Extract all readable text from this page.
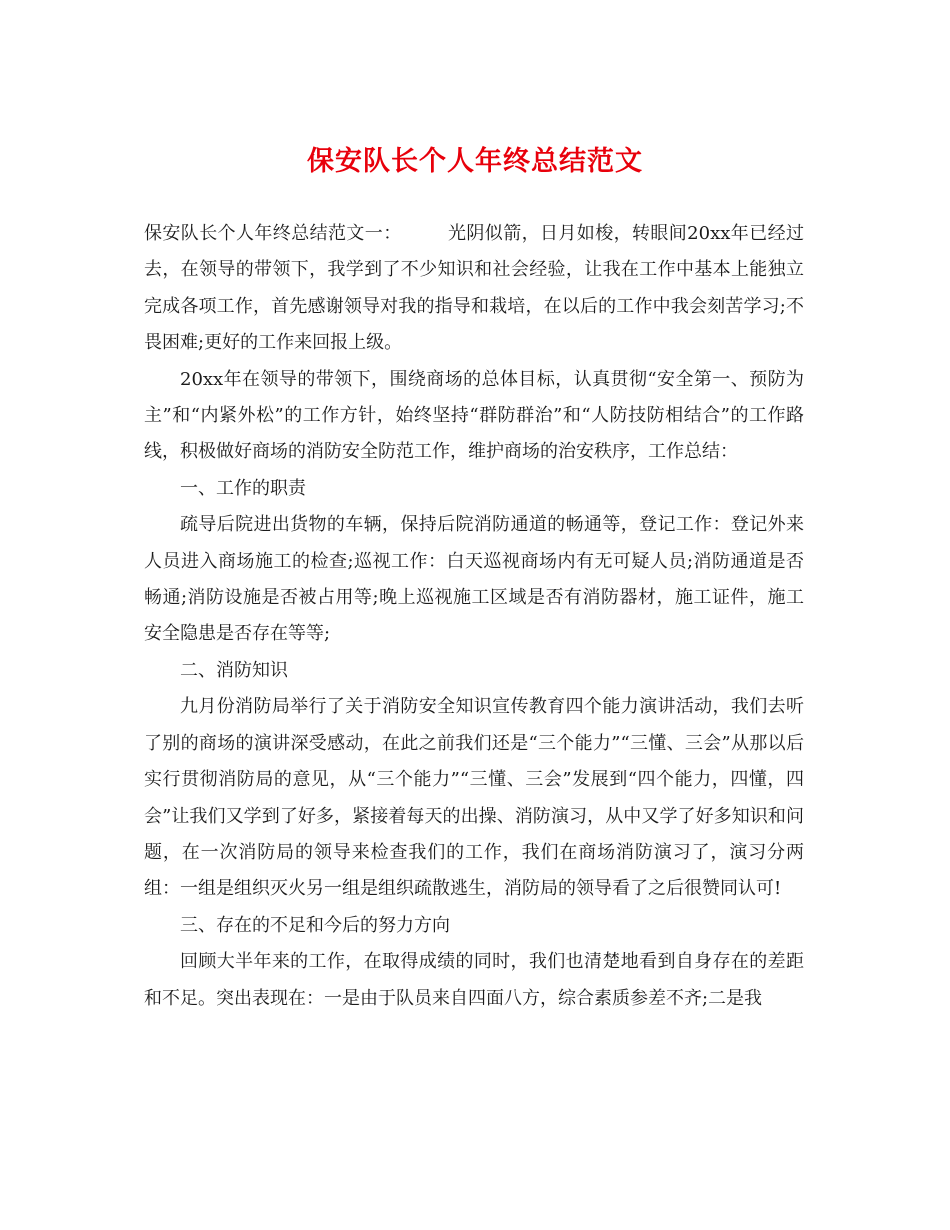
保安队长个人年终总结范文

保安队长个人年终总结范文一：	光阴似箭，日月如梭，转眼间20xx年已经过去，在领导的带领下，我学到了不少知识和社会经验，让我在工作中基本上能独立完成各项工作，首先感谢领导对我的指导和栽培，在以后的工作中我会刻苦学习;不畏困难;更好的工作来回报上级。

20xx年在领导的带领下，围绕商场的总体目标，认真贯彻“安全第一、预防为主”和“内紧外松”的工作方针，始终坚持“群防群治”和“人防技防相结合”的工作路线，积极做好商场的消防安全防范工作，维护商场的治安秩序，工作总结：

一、工作的职责

疏导后院进出货物的车辆，保持后院消防通道的畅通等，登记工作：登记外来人员进入商场施工的检查;巡视工作：白天巡视商场内有无可疑人员;消防通道是否畅通;消防设施是否被占用等;晚上巡视施工区域是否有消防器材，施工证件，施工安全隐患是否存在等等;

二、消防知识

九月份消防局举行了关于消防安全知识宣传教育四个能力演讲活动，我们去听了别的商场的演讲深受感动，在此之前我们还是“三个能力”“三懂、三会”从那以后实行贯彻消防局的意见，从“三个能力”“三懂、三会”发展到“四个能力，四懂，四会”让我们又学到了好多，紧接着每天的出操、消防演习，从中又学了好多知识和问题，在一次消防局的领导来检查我们的工作，我们在商场消防演习了，演习分两组：一组是组织灭火另一组是组织疏散逃生，消防局的领导看了之后很赞同认可!

三、存在的不足和今后的努力方向

回顾大半年来的工作，在取得成绩的同时，我们也清楚地看到自身存在的差距和不足。突出表现在：一是由于队员来自四面八方，综合素质参差不齐;二是我
